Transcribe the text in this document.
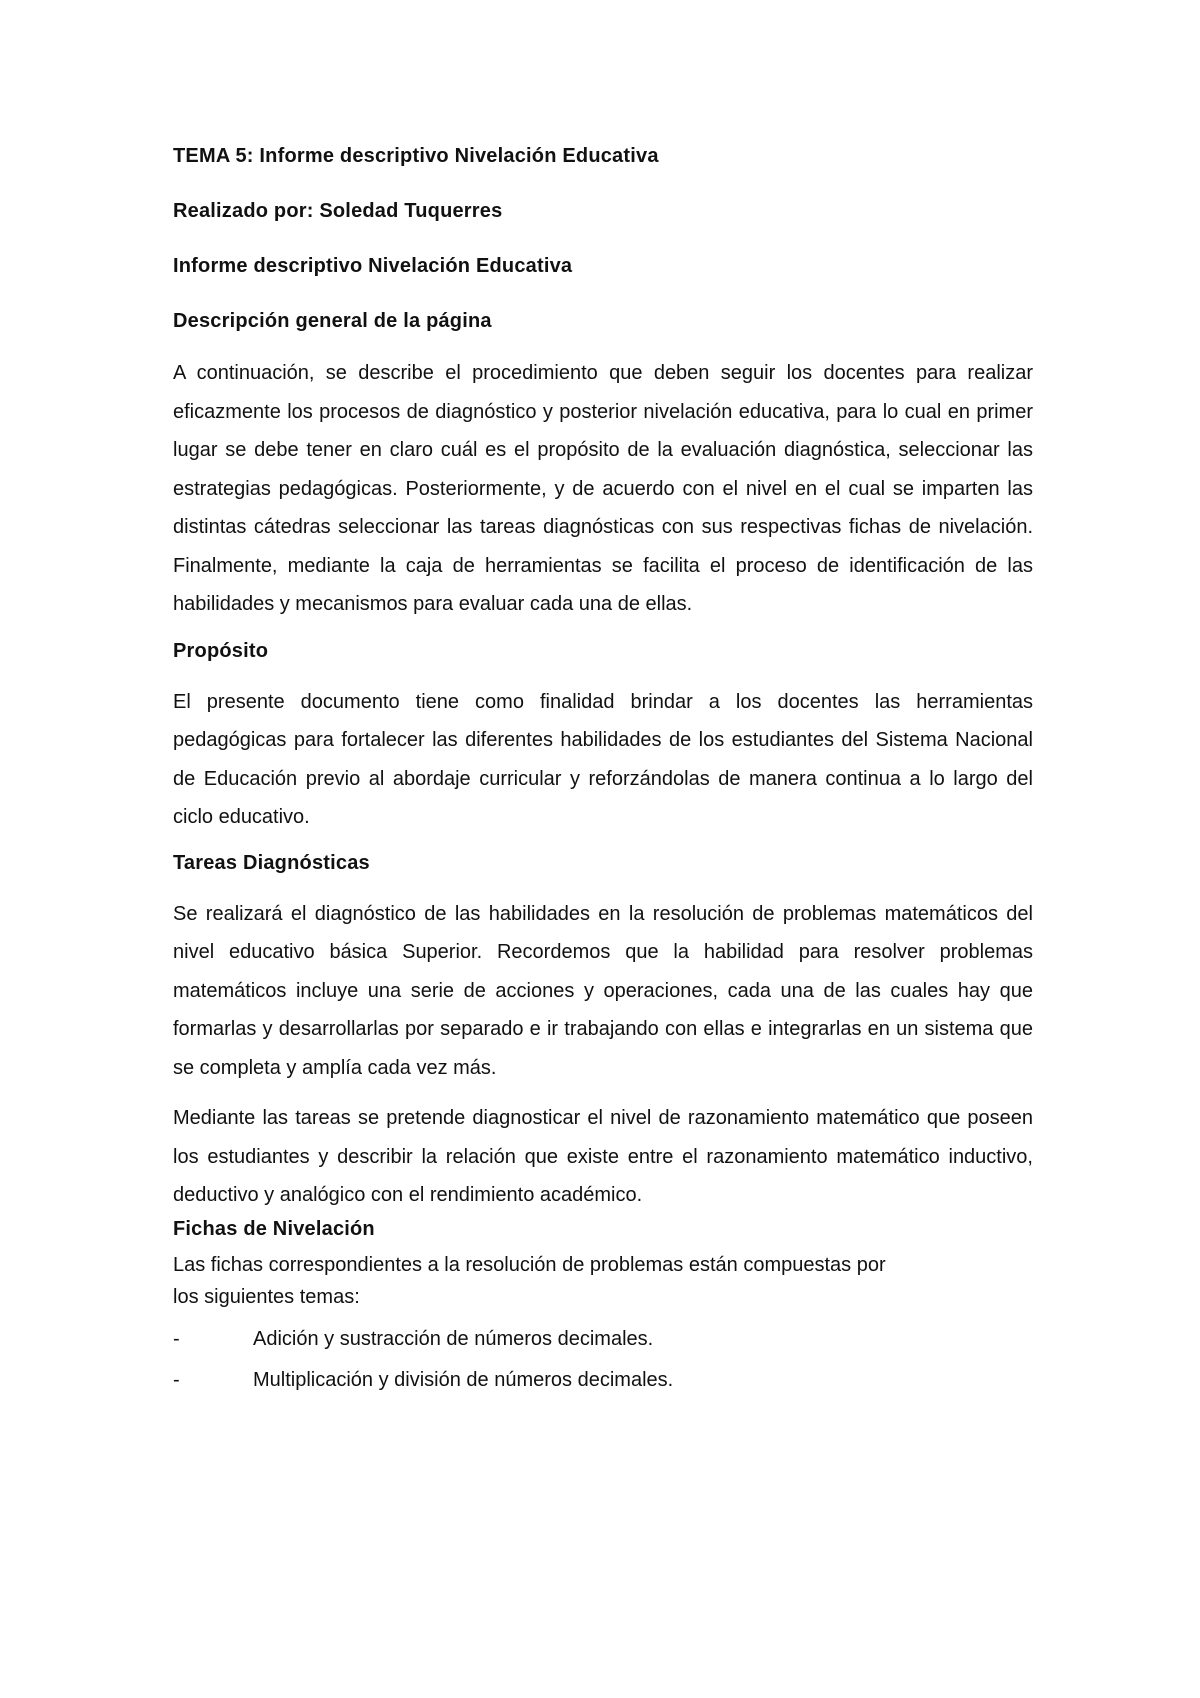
TEMA 5: Informe descriptivo Nivelación Educativa

Realizado por: Soledad Tuquerres

Informe descriptivo Nivelación Educativa

Descripción general de la página

A continuación, se describe el procedimiento que deben seguir los docentes para realizar eficazmente los procesos de diagnóstico y posterior nivelación educativa, para lo cual en primer lugar se debe tener en claro cuál es el propósito de la evaluación diagnóstica, seleccionar las estrategias pedagógicas. Posteriormente, y de acuerdo con el nivel en el cual se imparten las distintas cátedras seleccionar las tareas diagnósticas con sus respectivas fichas de nivelación. Finalmente, mediante la caja de herramientas se facilita el proceso de identificación de las habilidades y mecanismos para evaluar cada una de ellas.

Propósito

El presente documento tiene como finalidad brindar a los docentes las herramientas pedagógicas para fortalecer las diferentes habilidades de los estudiantes del Sistema Nacional de Educación previo al abordaje curricular y reforzándolas de manera continua a lo largo del ciclo educativo.

Tareas Diagnósticas

Se realizará el diagnóstico de las habilidades en la resolución de problemas matemáticos del nivel educativo básica Superior. Recordemos que la habilidad para resolver problemas matemáticos incluye una serie de acciones y operaciones, cada una de las cuales hay que formarlas y desarrollarlas por separado e ir trabajando con ellas e integrarlas en un sistema que se completa y amplía cada vez más.

Mediante las tareas se pretende diagnosticar el nivel de razonamiento matemático que poseen los estudiantes y describir la relación que existe entre el razonamiento matemático inductivo, deductivo y analógico con el rendimiento académico.

Fichas de Nivelación

Las fichas correspondientes a la resolución de problemas están compuestas por

los siguientes temas:

-	Adición y sustracción de números decimales.
-	Multiplicación y división de números decimales.
